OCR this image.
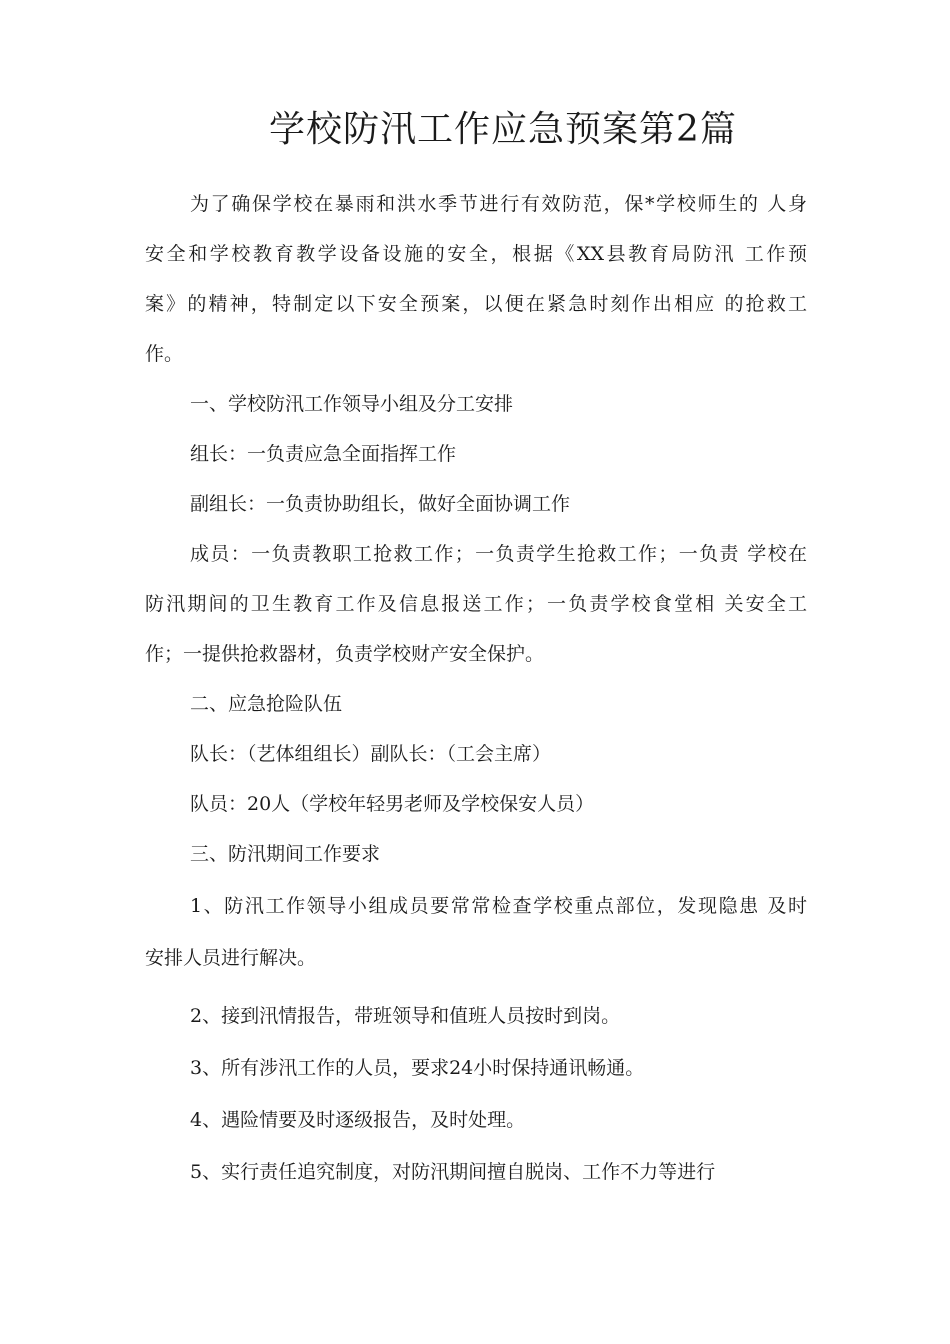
学校防汛工作应急预案第2篇
为了确保学校在暴雨和洪水季节进行有效防范，保*学校师生的 人身
安全和学校教育教学设备设施的安全，根据《XX县教育局防汛 工作预
案》的精神，特制定以下安全预案，以便在紧急时刻作出相应 的抢救工
作。
一、学校防汛工作领导小组及分工安排
组长：一负责应急全面指挥工作
副组长：一负责协助组长，做好全面协调工作
成员：一负责教职工抢救工作；一负责学生抢救工作；一负责 学校在
防汛期间的卫生教育工作及信息报送工作；一负责学校食堂相 关安全工
作；一提供抢救器材，负责学校财产安全保护。
二、应急抢险队伍
队长：（艺体组组长）副队长：（工会主席）
队员：20人（学校年轻男老师及学校保安人员）
三、防汛期间工作要求
1、防汛工作领导小组成员要常常检查学校重点部位，发现隐患 及时
安排人员进行解决。
2、接到汛情报告，带班领导和值班人员按时到岗。
3、所有涉汛工作的人员，要求24小时保持通讯畅通。
4、遇险情要及时逐级报告，及时处理。
5、实行责任追究制度，对防汛期间擅自脱岗、工作不力等进行
